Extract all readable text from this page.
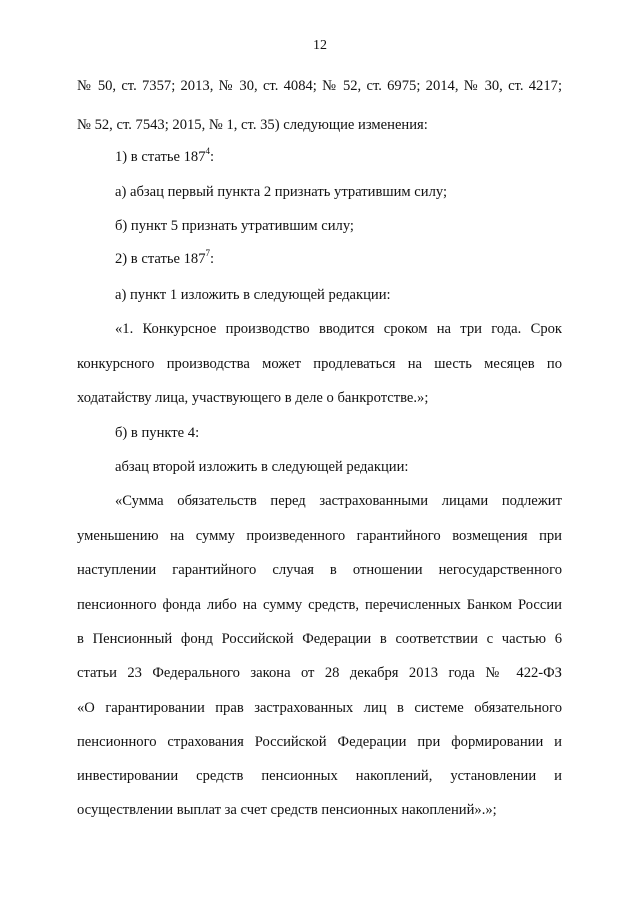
12
№ 50, ст. 7357; 2013, № 30, ст. 4084; № 52, ст. 6975; 2014, № 30, ст. 4217;
№ 52, ст. 7543; 2015, № 1, ст. 35) следующие изменения:
1) в статье $187^4$:
а) абзац первый пункта 2 признать утратившим силу;
б) пункт 5 признать утратившим силу;
2) в статье $187^7$:
а) пункт 1 изложить в следующей редакции:
«1. Конкурсное производство вводится сроком на три года. Срок
конкурсного производства может продлеваться на шесть месяцев по
ходатайству лица, участвующего в деле о банкротстве.»;
б) в пункте 4:
абзац второй изложить в следующей редакции:
«Сумма обязательств перед застрахованными лицами подлежит
уменьшению на сумму произведенного гарантийного возмещения при
наступлении гарантийного случая в отношении негосударственного
пенсионного фонда либо на сумму средств, перечисленных Банком России
в Пенсионный фонд Российской Федерации в соответствии с частью 6
статьи 23 Федерального закона от 28 декабря 2013 года № 422-ФЗ
«О гарантировании прав застрахованных лиц в системе обязательного
пенсионного страхования Российской Федерации при формировании и
инвестировании средств пенсионных накоплений, установлении и
осуществлении выплат за счет средств пенсионных накоплений».»;
